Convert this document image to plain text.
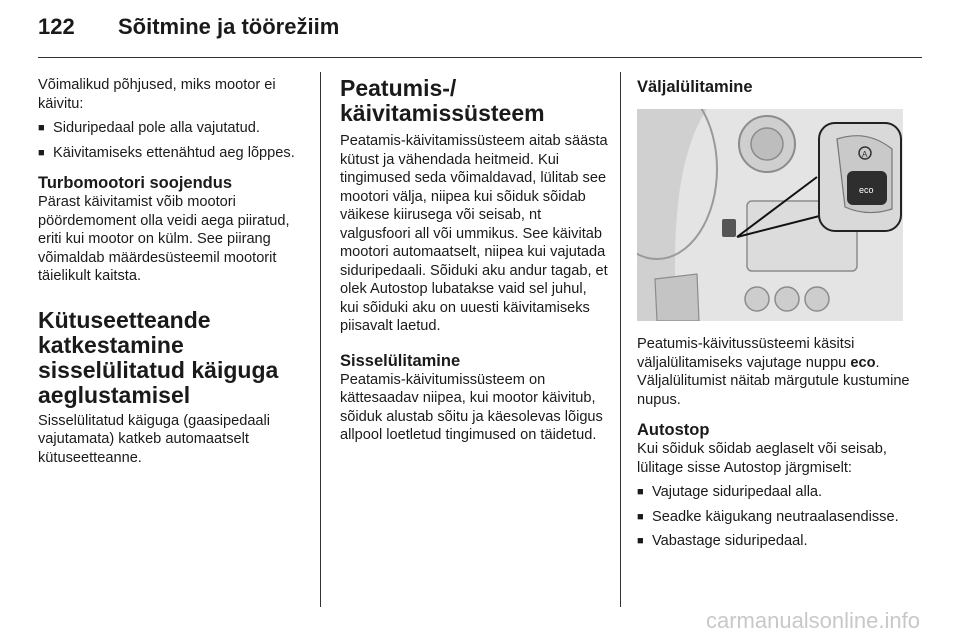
122	Sõitmine ja töörežiim

Võimalikud põhjused, miks mootor ei käivitu:

■ Siduripedaal pole alla vajutatud.
■ Käivitamiseks ettenähtud aeg lõppes.
Turbomootori soojendus

Pärast käivitamist võib mootori pöördemoment olla veidi aega piiratud, eriti kui mootor on külm. See piirang võimaldab määrdesüsteemil mootorit täielikult kaitsta.

Kütuseetteande katkestamine sisselülitatud käiguga aeglustamisel

Sisselülitatud käiguga (gaasipedaali vajutamata) katkeb automaatselt kütuseetteanne.

Peatumis-/ käivitamissüsteem

Peatamis-käivitamissüsteem aitab säästa kütust ja vähendada heitmeid. Kui tingimused seda võimaldavad, lülitab see mootori välja, niipea kui sõiduk sõidab väikese kiirusega või seisab, nt valgusfoori all või ummikus. See käivitab mootori automaatselt, niipea kui vajutada siduripedaali. Sõiduki aku andur tagab, et olek Autostop lubatakse vaid sel juhul, kui sõiduki aku on uuesti käivitamiseks piisavalt laetud.

Sisselülitamine

Peatamis-käivitumissüsteem on kättesaadav niipea, kui mootor käivitub, sõiduk alustab sõitu ja käesolevas lõigus allpool loetletud tingimused on täidetud.

Väljalülitamine
eco
A

Peatumis-käivitussüsteemi käsitsi väljalülitamiseks vajutage nuppu eco. Väljalülitumist näitab märgutule kustumine nupus.

Autostop

Kui sõiduk sõidab aeglaselt või seisab, lülitage sisse Autostop järgmiselt:

■ Vajutage siduripedaal alla.
■ Seadke käigukang neutraalasendisse.
■ Vabastage siduripedaal.
carmanualsonline.info
